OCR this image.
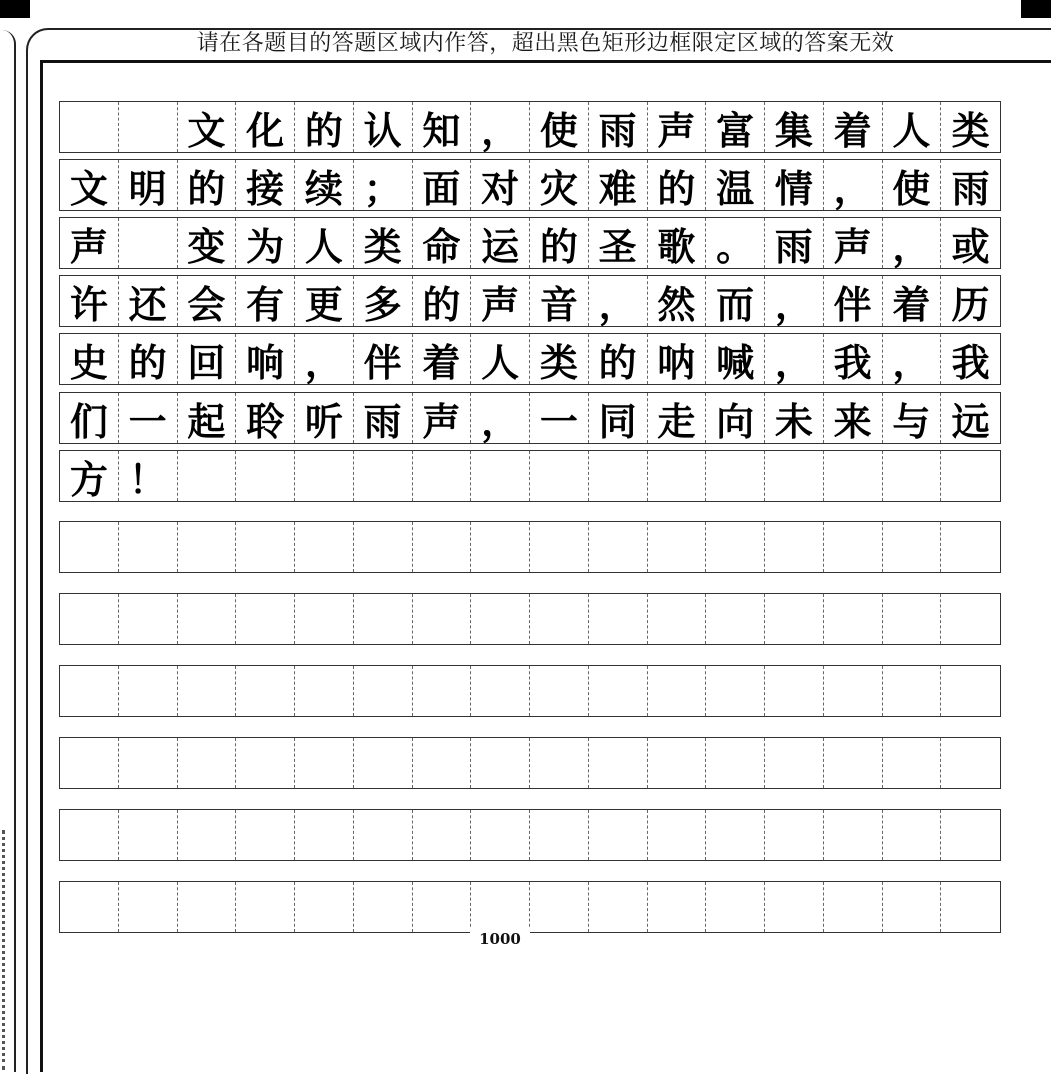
请在各题目的答题区域内作答，超出黑色矩形边框限定区域的答案无效
文 化 的 认 知 ， 使 雨 声 富 集 着 人 类
文 明 的 接 续 ； 面 对 灾 难 的 温 情 ， 使 雨
声 变 为 人 类 命 运 的 圣 歌 。 雨 声 ， 或
许 还 会 有 更 多 的 声 音 ， 然 而 ， 伴 着 历
史 的 回 响 ， 伴 着 人 类 的 呐 喊 ， 我 ， 我
们 一 起 聆 听 雨 声 ， 一 同 走 向 未 来 与 远
方 ！
1000
